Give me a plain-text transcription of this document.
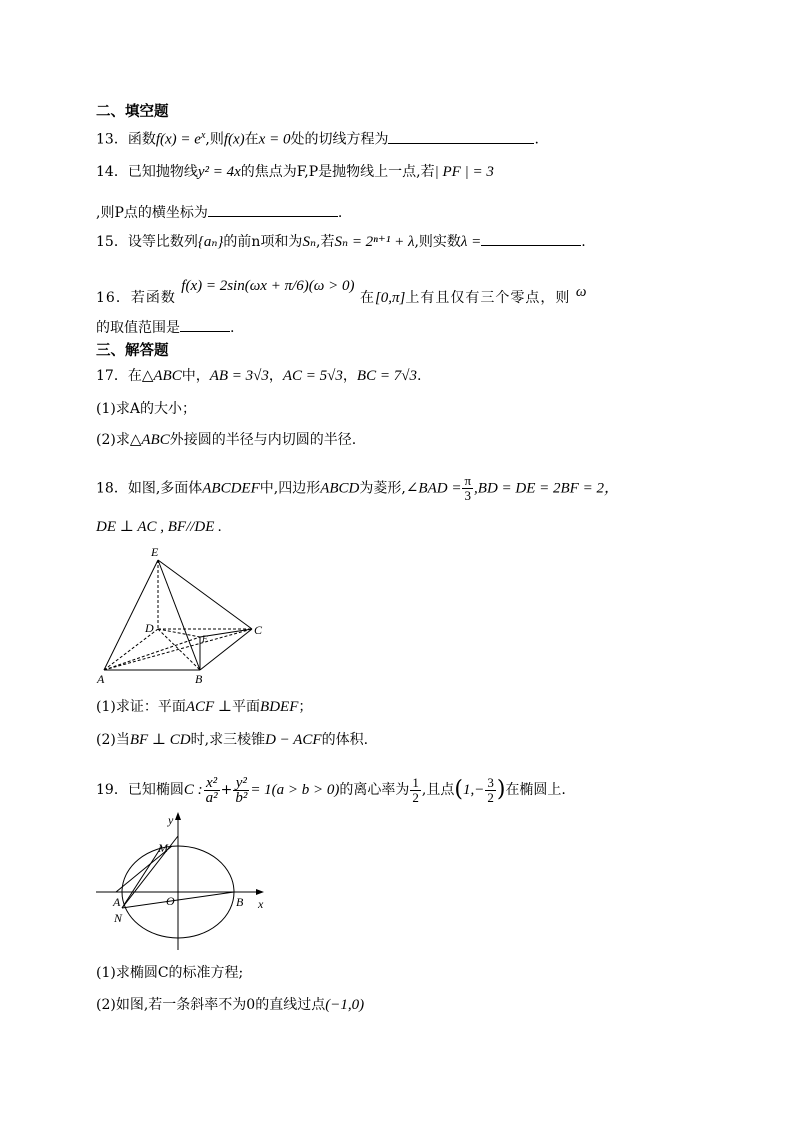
二、填空题
13．函数$f(x) = e^x$,则f(x)在x = 0处的切线方程为	.
14．已知抛物线y² = 4x的焦点为F,P是抛物线上一点,若| PF | = 3
,则P点的横坐标为	.
15．设等比数列{aₙ}的前n项和为Sₙ,若Sₙ = 2ⁿ⁺¹ + λ,则实数λ =	.
16．若函数 f(x) = 2sin(ωx + π/6)(ω > 0) 在[0,π]上有且仅有三个零点，则 ω
的取值范围是	.
三、解答题
17．在△ABC中，AB = 3√3，AC = 5√3，BC = 7√3.
(1)求A的大小；
(2)求△ABC外接圆的半径与内切圆的半径.
18．如图,多面体ABCDEF中,四边形ABCD为菱形,∠BAD = $\frac{\pi}{3} ,BD$ = DE = 2BF = 2，
DE ⊥ AC , BF//DE .
E
D
F
C
A	B
(1)求证：平面ACF ⊥平面BDEF；
(2)当BF ⊥ CD时,求三棱锥D − ACF的体积.
19．已知椭圆C : $\frac{\text{x²}}{\text{a²}} + \frac{\text{y²}}{\text{b²}} = 1(a > b > 0)$的离心率为 $\frac{1}{2}$ ,且点($1,- \frac{3}{2}$ )在椭圆上.
y
x
M
A	O	B
N
(1)求椭圆C的标准方程;
(2)如图,若一条斜率不为0的直线过点(−1,0)
